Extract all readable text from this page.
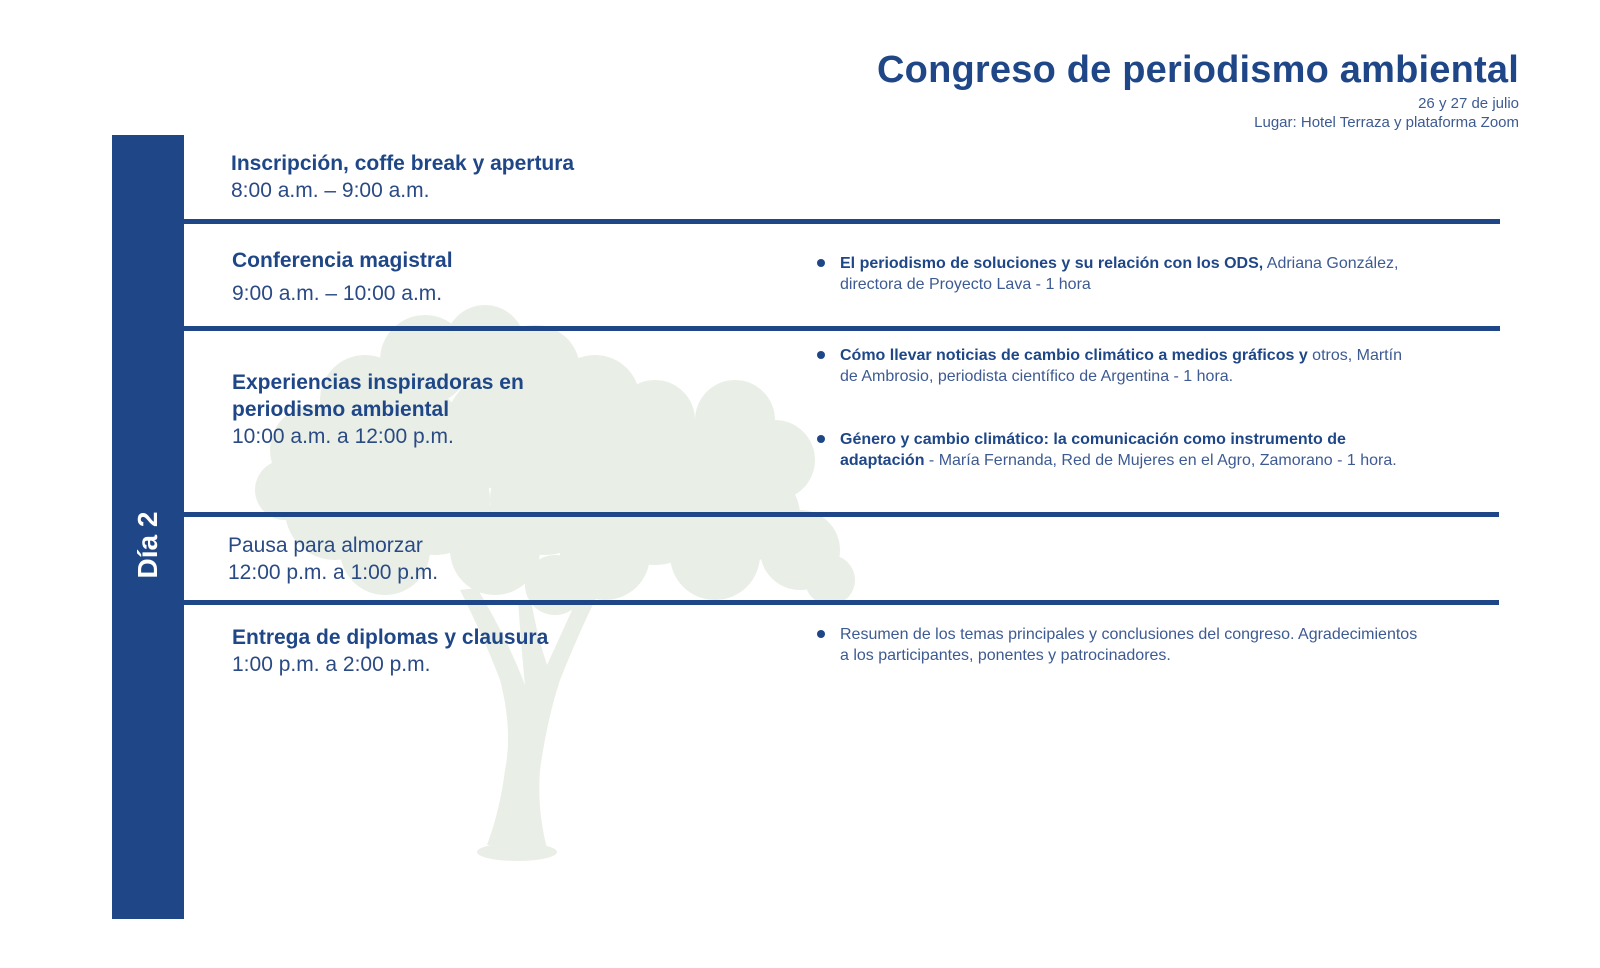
Congreso de periodismo ambiental
26 y 27 de julio
Lugar: Hotel Terraza y plataforma Zoom
Día 2
Inscripción, coffe break y apertura
8:00 a.m. – 9:00 a.m.
Conferencia magistral
9:00 a.m. – 10:00 a.m.
El periodismo de soluciones y su relación con los ODS, Adriana González, directora de Proyecto Lava - 1 hora
Experiencias inspiradoras en periodismo ambiental
10:00 a.m. a 12:00 p.m.
Cómo llevar noticias de cambio climático a medios gráficos y otros, Martín de Ambrosio, periodista científico de Argentina - 1 hora.
Género y cambio climático: la comunicación como instrumento de adaptación - María Fernanda, Red de Mujeres en el Agro, Zamorano - 1 hora.
Pausa para almorzar
12:00 p.m. a 1:00 p.m.
Entrega de diplomas y clausura
1:00 p.m. a 2:00 p.m.
Resumen de los temas principales y conclusiones del congreso. Agradecimientos a los participantes, ponentes y patrocinadores.
